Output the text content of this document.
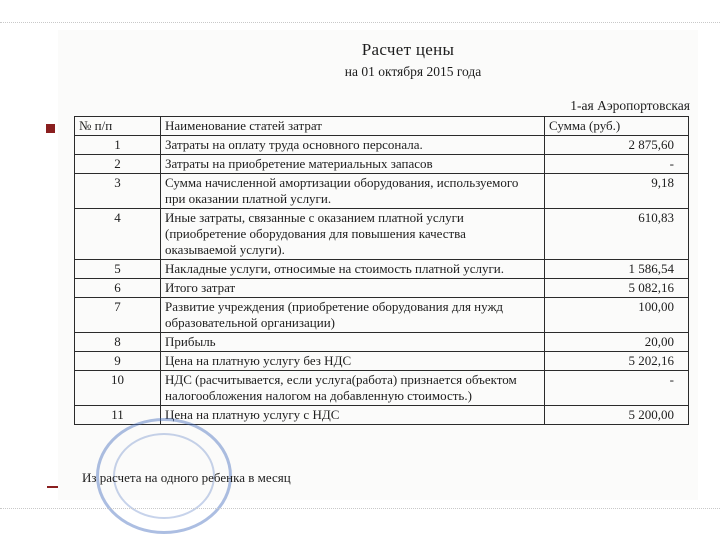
Расчет цены
на 01 октября 2015 года
1-ая Аэропортовская
№ п/п	Наименование статей затрат	Сумма (руб.)
1	Затраты на оплату труда основного персонала.	2 875,60
2	Затраты на приобретение материальных запасов	-
3	Сумма начисленной амортизации оборудования, используемого при оказании платной услуги.	9,18
4	Иные затраты, связанные с оказанием платной услуги (приобретение оборудования для повышения качества оказываемой услуги).	610,83
5	Накладные услуги, относимые на стоимость платной услуги.	1 586,54
6	Итого затрат	5 082,16
7	Развитие учреждения (приобретение оборудования для нужд образовательной организации)	100,00
8	Прибыль	20,00
9	Цена на платную услугу без НДС	5 202,16
10	НДС (расчитывается, если услуга(работа) признается объектом налогообложения налогом на добавленную стоимость.)	-
11	Цена на платную услугу с НДС	5 200,00
Из расчета на одного ребенка в месяц
